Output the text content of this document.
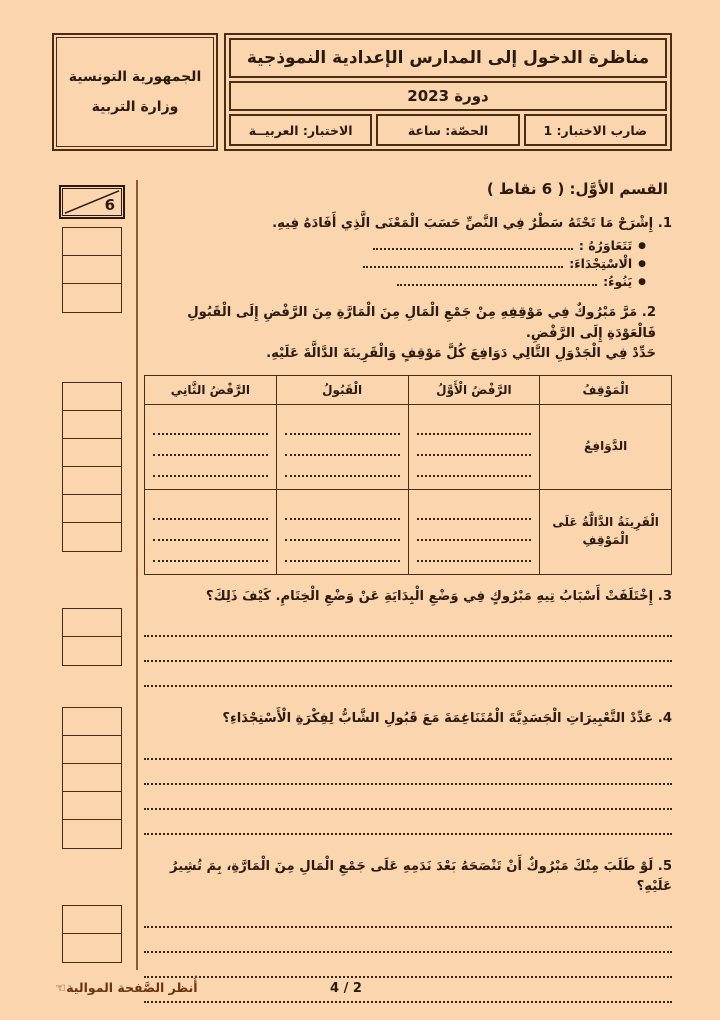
الجمهورية التونسية
وزارة التربية
مناظرة الدخول إلى المدارس الإعدادية النموذجية
دورة 2023
الاختبار: العربيــة	الحصّة: ساعة	ضارب الاختبار: 1
6
القسم الأوَّل: ( 6 نقاط )
1. إِشْرَحْ مَا تَحْتَهُ سَطْرٌ فِي النَّصِّ حَسَبَ الْمَعْنَى الَّذِي أَفَادَهُ فِيهِ.
●
تَتَعَاوَرُهُ :
●
الْاسْتِجْدَاءَ:
●
يَنُوءُ:
2. مَرَّ مَبْرُوكٌ فِي مَوْقِفِهِ مِنْ جَمْعِ الْمَالِ مِنَ الْمَارَّةِ مِنَ الرَّفْضِ إِلَى الْقَبُولِ فَالْعَوْدَةِ إِلَى الرَّفْضِ.
حَدِّدْ فِي الْجَدْوَلِ التَّالِي دَوَافِعَ كُلَّ مَوْقِفٍ وَالْقَرِينَةَ الدَّالَّةَ عَلَيْهِ.
الْمَوْقِفُ	الرَّفْضُ الْأَوَّلُ	الْقَبُولُ	الرَّفْضُ الثَّانِي
الدَّوَافِعُ	

الْقَرِينَةُ الدَّالَّةُ عَلَى الْمَوْقِفِ	

3. إِخْتَلَفَتْ أَسْبَابُ تِيهِ مَبْرُوكٍ فِي وَضْعِ الْبِدَايَةِ عَنْ وَضْعِ الْخِتَامِ. كَيْفَ ذَلِكَ؟
4. عَدِّدْ التَّعْبِيرَاتِ الْجَسَدِيَّةَ الْمُتَنَاغِمَةَ مَعَ قَبُولِ الشَّابُّ لِفِكْرَةِ الْأَسْتِجْدَاءِ؟
5. لَوْ طَلَبَ مِنْكَ مَبْرُوكٌ أَنْ تَنْصَحَهُ بَعْدَ نَدَمِهِ عَلَى جَمْعِ الْمَالِ مِنَ الْمَارَّةِ، بِمَ تُشِيرُ عَلَيْهِ؟
أُنظر الصَّفحة الموالية☜	2 / 4
